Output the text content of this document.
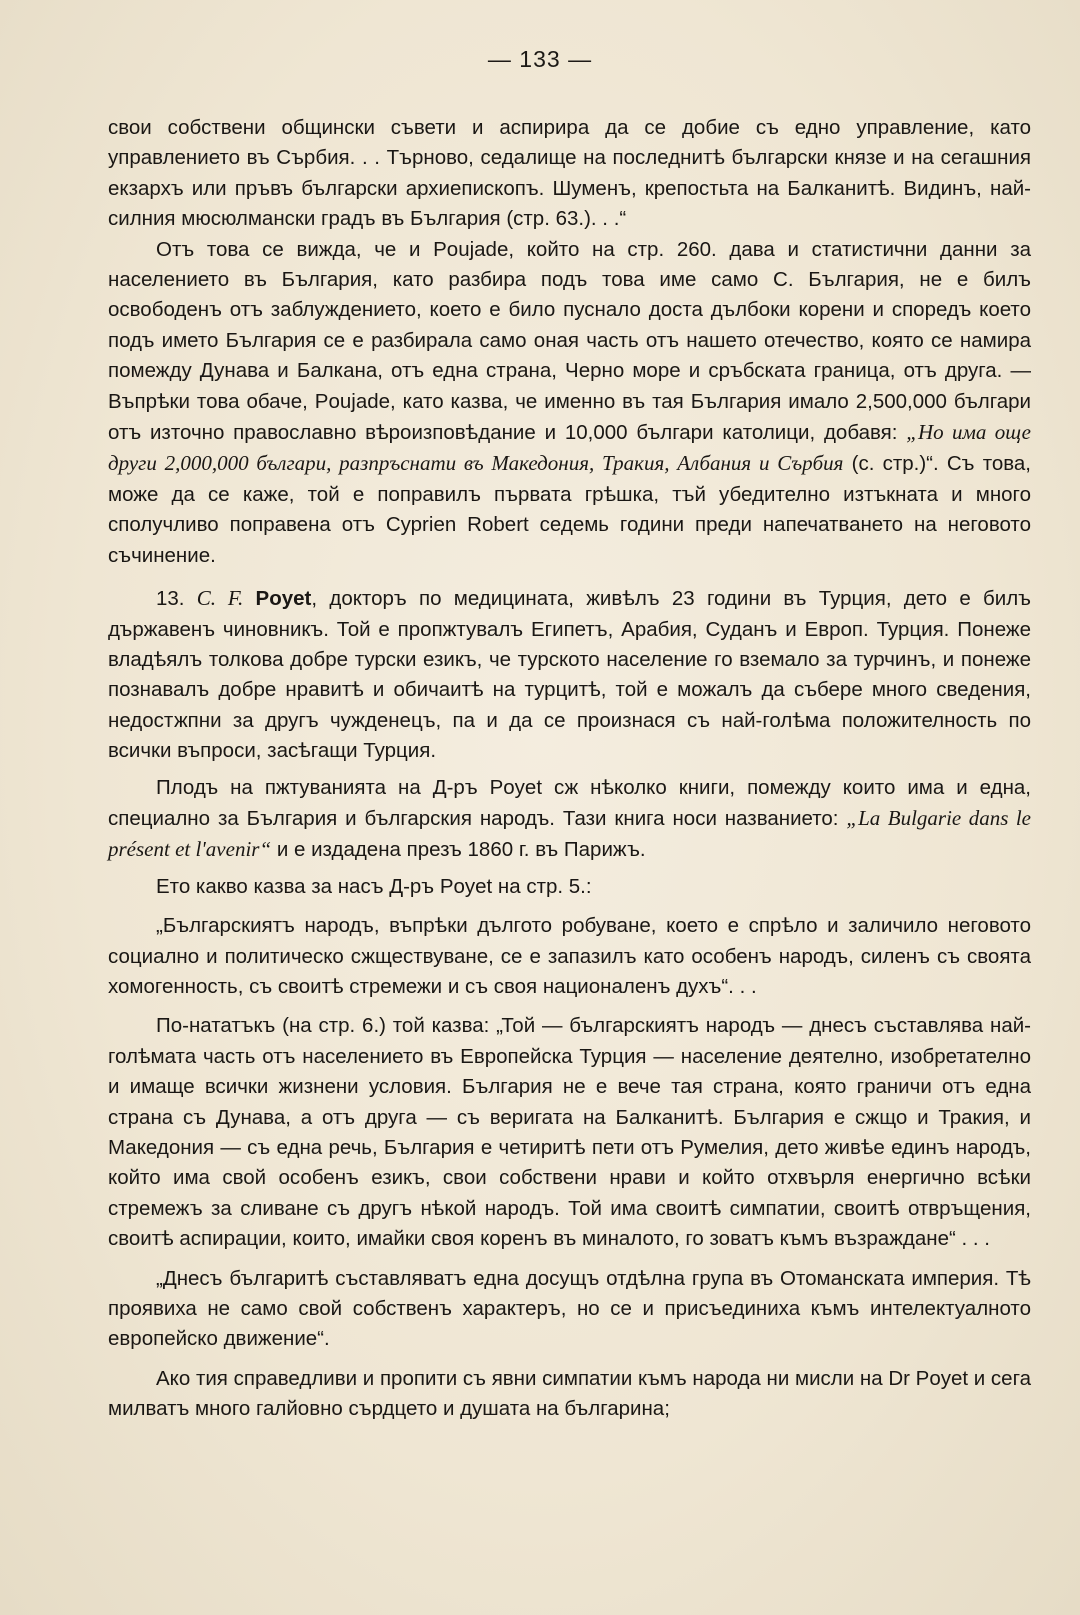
— 133 —

свои собствени общински съвети и аспирира да се добие съ едно управление, като управлението въ Сърбия. . . Търново, седалище на последнитѣ български князе и на сегашния екзархъ или пръвъ български архиепископъ. Шуменъ, крепостьта на Балканитѣ. Видинъ, най-силния мюсюлмански градъ въ България (стр. 63.). . .“

Отъ това се вижда, че и Poujade, който на стр. 260. дава и статистични данни за населението въ България, като разбира подъ това име само С. България, не е билъ освободенъ отъ заблуждението, което е било пуснало доста дълбоки корени и споредъ което подъ името България се е разбирала само оная часть отъ нашето отечество, която се намира помежду Дунава и Балкана, отъ една страна, Черно море и сръбската граница, отъ друга. — Въпрѣки това обаче, Poujade, като казва, че именно въ тая България имало 2,500,000 българи отъ източно православно вѣроизповѣдание и 10,000 българи католици, добавя: „Но има още други 2,000,000 българи, разпръснати въ Македония, Тракия, Албания и Сърбия (с. стр.)“. Съ това, може да се каже, той е поправилъ първата грѣшка, тъй убедително изтъкната и много сполучливо поправена отъ Сурrien Robert седемь години преди напечатването на неговото съчинение.

13. C. F. Poyet, докторъ по медицината, живѣлъ 23 години въ Турция, дето е билъ държавенъ чиновникъ. Той е пропжтувалъ Египетъ, Арабия, Суданъ и Европ. Турция. Понеже владѣялъ толкова добре турски езикъ, че турското население го вземало за турчинъ, и понеже познавалъ добре нравитѣ и обичаитѣ на турцитѣ, той е можалъ да събере много сведения, недостжпни за другъ чужденецъ, па и да се произнася съ най-голѣма положителность по всички въпроси, засѣгащи Турция.

Плодъ на пжтуванията на Д-ръ Poyet сж нѣколко книги, помежду които има и една, специално за България и българския народъ. Тази книга носи названието: „La Bulgarie dans le présent et l'avenir“ и е издадена презъ 1860 г. въ Парижъ.

Ето какво казва за насъ Д-ръ Poyet на стр. 5.:

„Българскиятъ народъ, въпрѣки дългото робуване, което е спрѣло и заличило неговото социално и политическо сжществуване, се е запазилъ като особенъ народъ, силенъ съ своята хомогенность, съ своитѣ стремежи и съ своя националенъ духъ“. . .

По-нататъкъ (на стр. 6.) той казва: „Той — българскиятъ народъ — днесъ съставлява най-голѣмата часть отъ населението въ Европейска Турция — население деятелно, изобретателно и имаще всички жизнени условия. България не е вече тая страна, която граничи отъ една страна съ Дунава, а отъ друга — съ веригата на Балканитѣ. България е сжщо и Тракия, и Македония — съ една речь, България е четиритѣ пети отъ Румелия, дето живѣе единъ народъ, който има свой особенъ езикъ, свои собствени нрави и който отхвърля енергично всѣки стремежъ за сливане съ другъ нѣкой народъ. Той има своитѣ симпатии, своитѣ отвръщения, своитѣ аспирации, които, имайки своя коренъ въ миналото, го зоватъ къмъ възраждане“ . . .

„Днесъ българитѣ съставляватъ една досущъ отдѣлна група въ Отоманската империя. Тѣ проявиха не само свой собственъ характеръ, но се и присъединиха къмъ интелектуалното европейско движение“.

Ако тия справедливи и пропити съ явни симпатии къмъ народа ни мисли на Dr Poyet и сега милватъ много галйовно сърдцето и душата на българина;
